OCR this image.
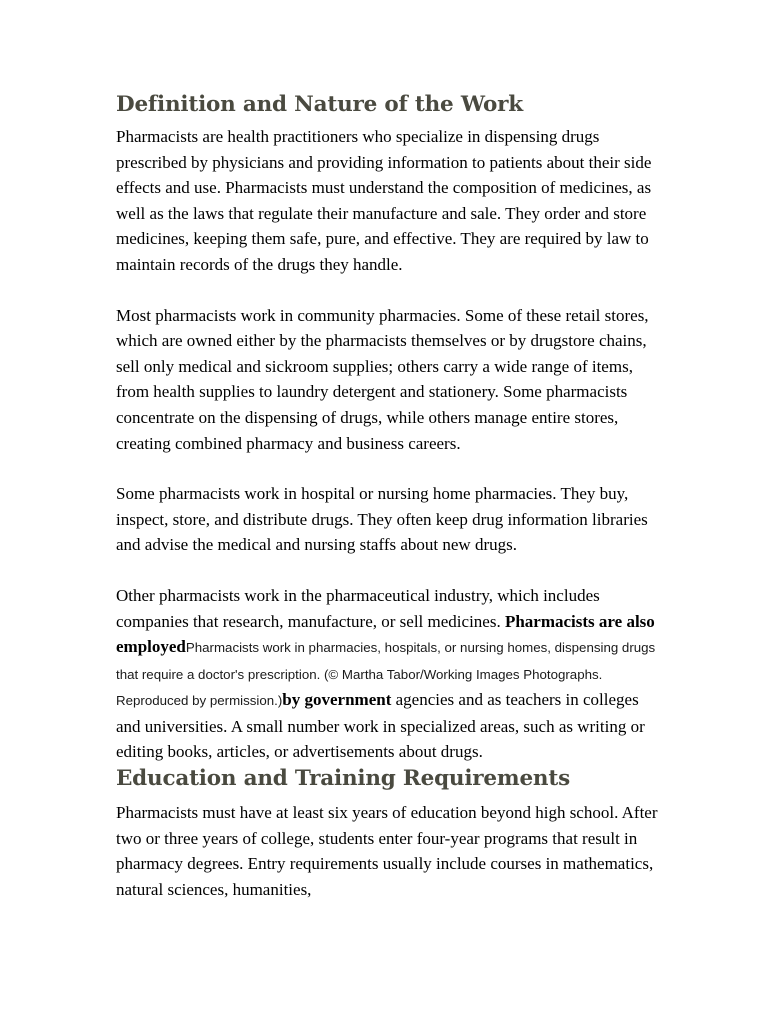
Definition and Nature of the Work

Pharmacists are health practitioners who specialize in dispensing drugs prescribed by physicians and providing information to patients about their side effects and use. Pharmacists must understand the composition of medicines, as well as the laws that regulate their manufacture and sale. They order and store medicines, keeping them safe, pure, and effective. They are required by law to maintain records of the drugs they handle.

Most pharmacists work in community pharmacies. Some of these retail stores, which are owned either by the pharmacists themselves or by drugstore chains, sell only medical and sickroom supplies; others carry a wide range of items, from health supplies to laundry detergent and stationery. Some pharmacists concentrate on the dispensing of drugs, while others manage entire stores, creating combined pharmacy and business careers.

Some pharmacists work in hospital or nursing home pharmacies. They buy, inspect, store, and distribute drugs. They often keep drug information libraries and advise the medical and nursing staffs about new drugs.

Other pharmacists work in the pharmaceutical industry, which includes companies that research, manufacture, or sell medicines. Pharmacists are also employedPharmacists work in pharmacies, hospitals, or nursing homes, dispensing drugs that require a doctor's prescription. (© Martha Tabor/Working Images Photographs. Reproduced by permission.)by government agencies and as teachers in colleges and universities. A small number work in specialized areas, such as writing or editing books, articles, or advertisements about drugs.

Education and Training Requirements

Pharmacists must have at least six years of education beyond high school. After two or three years of college, students enter four-year programs that result in pharmacy degrees. Entry requirements usually include courses in mathematics, natural sciences, humanities,
